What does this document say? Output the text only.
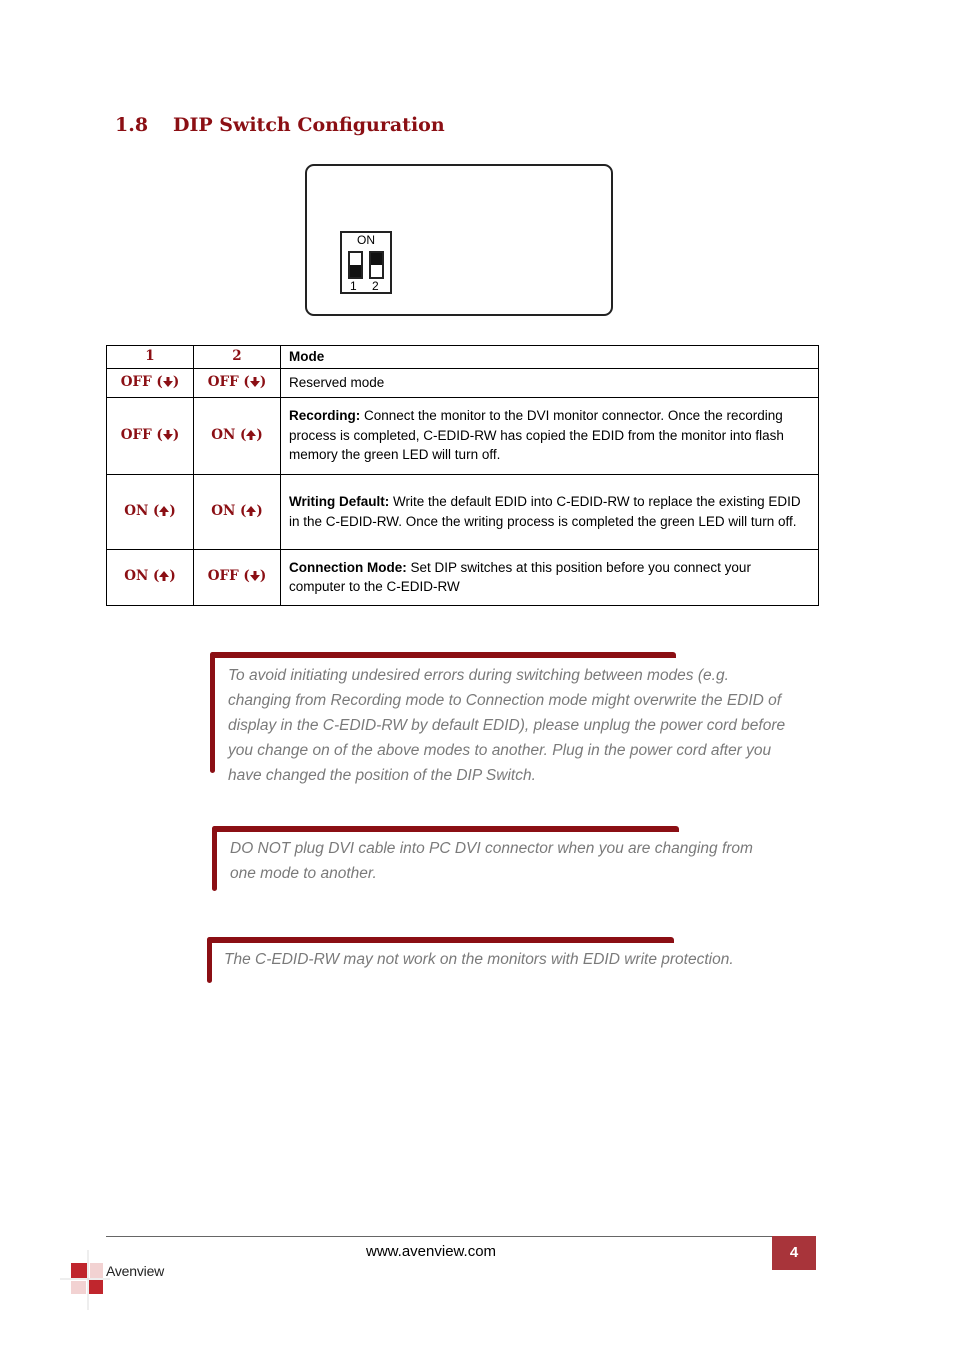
1.8 DIP Switch Configuration
ON
1 2
1	2	Mode
OFF ( )	OFF ( )	Reserved mode
OFF ( )	ON ( )	Recording: Connect the monitor to the DVI monitor connector. Once the recording process is completed, C-EDID-RW has copied the EDID from the monitor into flash memory the green LED will turn off.
ON ( )	ON ( )	Writing Default: Write the default EDID into C-EDID-RW to replace the existing EDID in the C-EDID-RW. Once the writing process is completed the green LED will turn off.
ON ( )	OFF ( )	Connection Mode: Set DIP switches at this position before you connect your computer to the C-EDID-RW
To avoid initiating undesired errors during switching between modes (e.g. changing from Recording mode to Connection mode might overwrite the EDID of display in the C-EDID-RW by default EDID), please unplug the power cord before you change on of the above modes to another. Plug in the power cord after you have changed the position of the DIP Switch.
DO NOT plug DVI cable into PC DVI connector when you are changing from one mode to another.
The C-EDID-RW may not work on the monitors with EDID write protection.
www.avenview.com	4
Avenview
